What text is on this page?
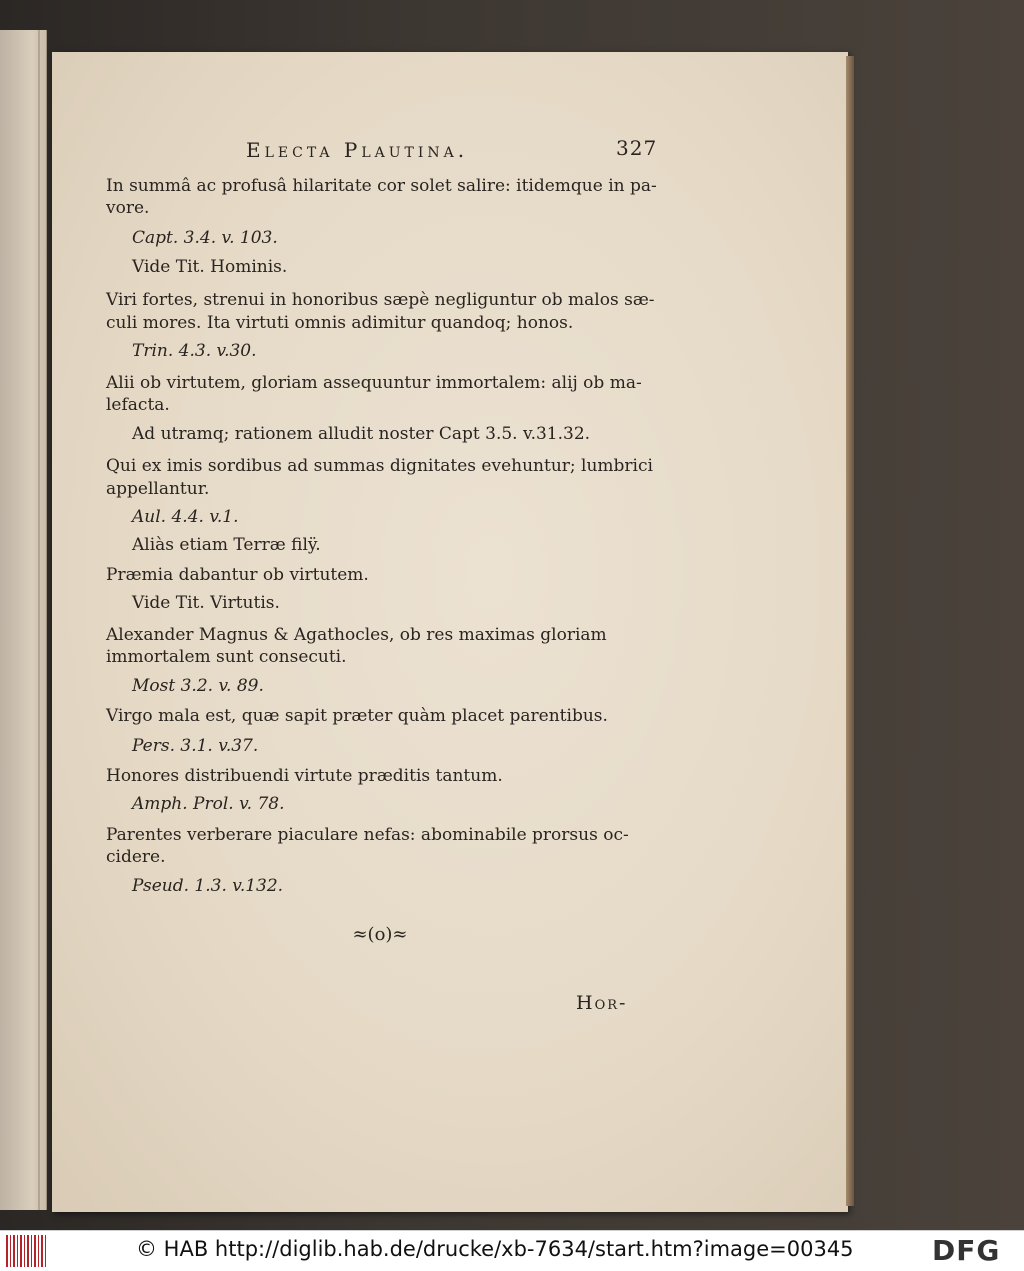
Electa Plautina.	327
In summâ ac profusâ hilaritate cor solet salire: itidemque in pa-
vore.
Capt. 3.4. v. 103.
Vide Tit. Hominis.
Viri fortes, strenui in honoribus sæpè negliguntur ob malos sæ-
culi mores. Ita virtuti omnis adimitur quandoq; honos.
Trin. 4.3. v.30.
Alii ob virtutem, gloriam assequuntur immortalem: alij ob ma-
lefacta.
Ad utramq; rationem alludit noster Capt 3.5. v.31.32.
Qui ex imis sordibus ad summas dignitates evehuntur; lumbrici
appellantur.
Aul. 4.4. v.1.
Aliàs etiam Terræ filÿ.
Præmia dabantur ob virtutem.
Vide Tit. Virtutis.
Alexander Magnus & Agathocles, ob res maximas gloriam
immortalem sunt consecuti.
Most 3.2. v. 89.
Virgo mala est, quæ sapit præter quàm placet parentibus.
Pers. 3.1. v.37.
Honores distribuendi virtute præditis tantum.
Amph. Prol. v. 78.
Parentes verberare piaculare nefas: abominabile prorsus oc-
cidere.
Pseud. 1.3. v.132.
≈(o)≈
Hor-
© HAB http://diglib.hab.de/drucke/xb-7634/start.htm?image=00345	DFG
